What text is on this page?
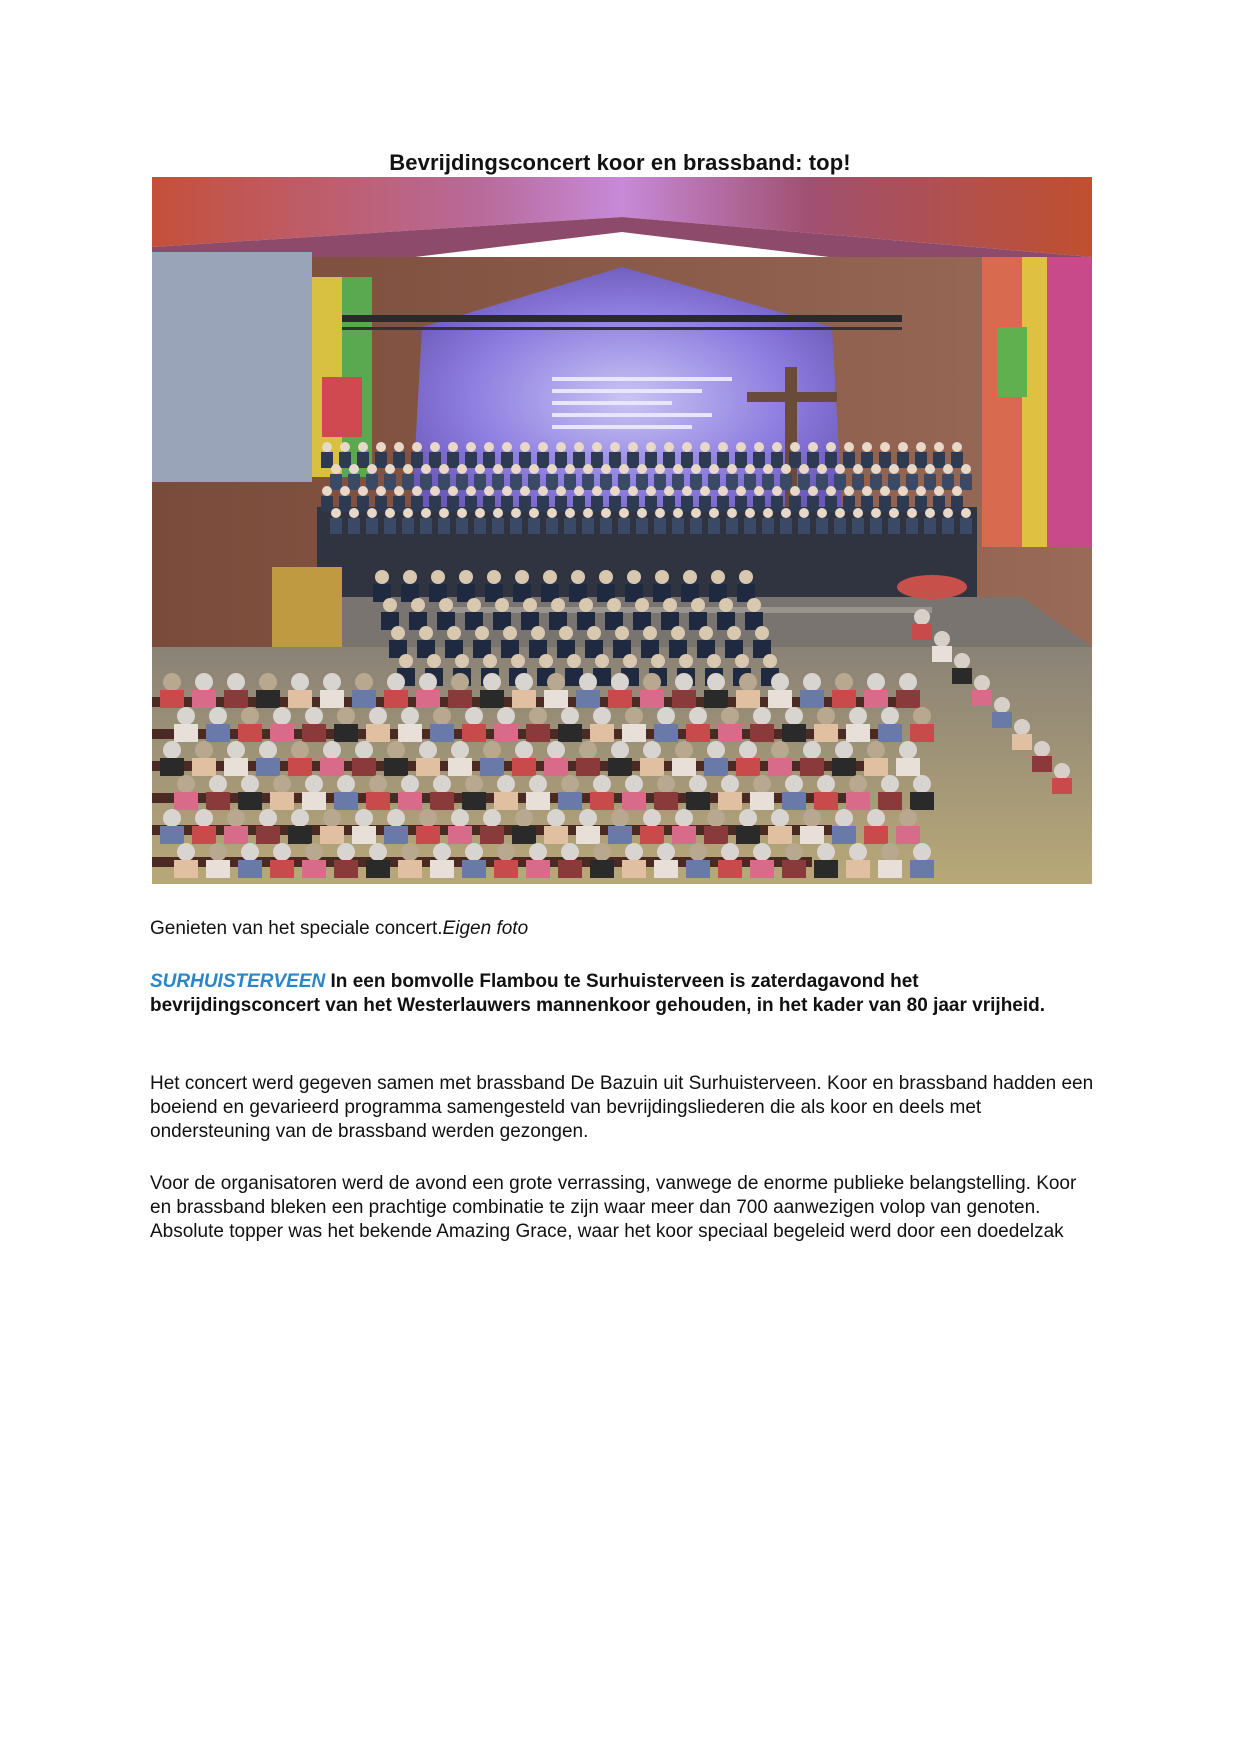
Bevrijdingsconcert koor en brassband: top!
Genieten van het speciale concert.Eigen foto
SURHUISTERVEEN In een bomvolle Flambou te Surhuisterveen is zaterdagavond het bevrijdingsconcert van het Westerlauwers mannenkoor gehouden, in het kader van 80 jaar vrijheid.
Het concert werd gegeven samen met brassband De Bazuin uit Surhuisterveen. Koor en brassband hadden een boeiend en gevarieerd programma samengesteld van bevrijdingsliederen die als koor en deels met ondersteuning van de brassband werden gezongen.
Voor de organisatoren werd de avond een grote verrassing, vanwege de enorme publieke belangstelling. Koor en brassband bleken een prachtige combinatie te zijn waar meer dan 700 aanwezigen volop van genoten. Absolute topper was het bekende Amazing Grace, waar het koor speciaal begeleid werd door een doedelzak
